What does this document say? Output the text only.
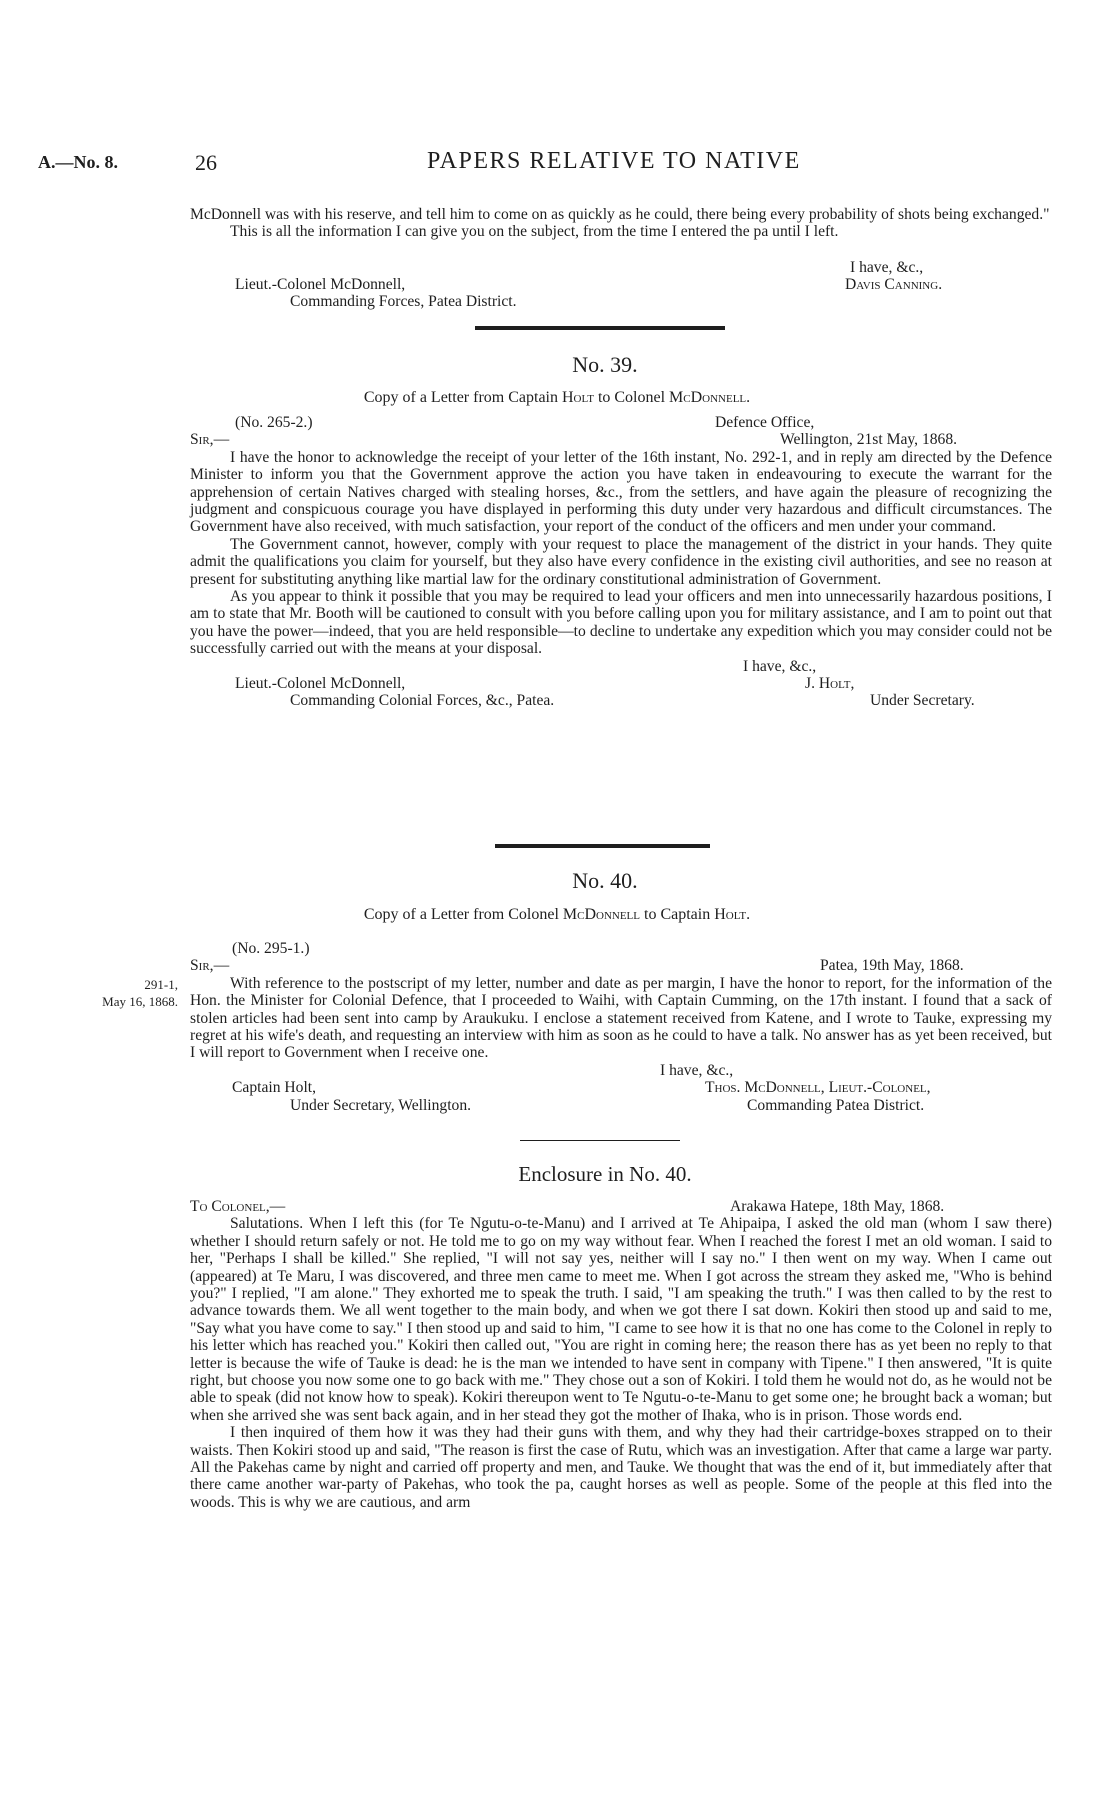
A.—No. 8.	26	PAPERS RELATIVE TO NATIVE

McDonnell was with his reserve, and tell him to come on as quickly as he could, there being every probability of shots being exchanged."

This is all the information I can give you on the subject, from the time I entered the pa until I left.

I have, &c.,
Lieut.-Colonel McDonnell,	Davis Canning.
Commanding Forces, Patea District.
No. 39.
Copy of a Letter from Captain Holt to Colonel McDonnell.
(No. 265-2.)	Defence Office,
Sir,—	Wellington, 21st May, 1868.

I have the honor to acknowledge the receipt of your letter of the 16th instant, No. 292-1, and in reply am directed by the Defence Minister to inform you that the Government approve the action you have taken in endeavouring to execute the warrant for the apprehension of certain Natives charged with stealing horses, &c., from the settlers, and have again the pleasure of recognizing the judgment and conspicuous courage you have displayed in performing this duty under very hazardous and difficult circumstances. The Government have also received, with much satisfaction, your report of the conduct of the officers and men under your command.

The Government cannot, however, comply with your request to place the management of the district in your hands. They quite admit the qualifications you claim for yourself, but they also have every confidence in the existing civil authorities, and see no reason at present for substituting anything like martial law for the ordinary constitutional administration of Government.

As you appear to think it possible that you may be required to lead your officers and men into unnecessarily hazardous positions, I am to state that Mr. Booth will be cautioned to consult with you before calling upon you for military assistance, and I am to point out that you have the power—indeed, that you are held responsible—to decline to undertake any expedition which you may consider could not be successfully carried out with the means at your disposal.

I have, &c.,
Lieut.-Colonel McDonnell,	J. Holt,
Commanding Colonial Forces, &c., Patea.	Under Secretary.
No. 40.
Copy of a Letter from Colonel McDonnell to Captain Holt.
291-1,
May 16, 1868.
(No. 295-1.)
Sir,—	Patea, 19th May, 1868.

With reference to the postscript of my letter, number and date as per margin, I have the honor to report, for the information of the Hon. the Minister for Colonial Defence, that I proceeded to Waihi, with Captain Cumming, on the 17th instant. I found that a sack of stolen articles had been sent into camp by Araukuku. I enclose a statement received from Katene, and I wrote to Tauke, expressing my regret at his wife's death, and requesting an interview with him as soon as he could to have a talk. No answer has as yet been received, but I will report to Government when I receive one.

I have, &c.,
Captain Holt,	Thos. McDonnell, Lieut.-Colonel,
Under Secretary, Wellington.	Commanding Patea District.
Enclosure in No. 40.
To Colonel,—	Arakawa Hatepe, 18th May, 1868.

Salutations. When I left this (for Te Ngutu-o-te-Manu) and I arrived at Te Ahipaipa, I asked the old man (whom I saw there) whether I should return safely or not. He told me to go on my way without fear. When I reached the forest I met an old woman. I said to her, "Perhaps I shall be killed." She replied, "I will not say yes, neither will I say no." I then went on my way. When I came out (appeared) at Te Maru, I was discovered, and three men came to meet me. When I got across the stream they asked me, "Who is behind you?" I replied, "I am alone." They exhorted me to speak the truth. I said, "I am speaking the truth." I was then called to by the rest to advance towards them. We all went together to the main body, and when we got there I sat down. Kokiri then stood up and said to me, "Say what you have come to say." I then stood up and said to him, "I came to see how it is that no one has come to the Colonel in reply to his letter which has reached you." Kokiri then called out, "You are right in coming here; the reason there has as yet been no reply to that letter is because the wife of Tauke is dead: he is the man we intended to have sent in company with Tipene." I then answered, "It is quite right, but choose you now some one to go back with me." They chose out a son of Kokiri. I told them he would not do, as he would not be able to speak (did not know how to speak). Kokiri thereupon went to Te Ngutu-o-te-Manu to get some one; he brought back a woman; but when she arrived she was sent back again, and in her stead they got the mother of Ihaka, who is in prison. Those words end.

I then inquired of them how it was they had their guns with them, and why they had their cartridge-boxes strapped on to their waists. Then Kokiri stood up and said, "The reason is first the case of Rutu, which was an investigation. After that came a large war party. All the Pakehas came by night and carried off property and men, and Tauke. We thought that was the end of it, but immediately after that there came another war-party of Pakehas, who took the pa, caught horses as well as people. Some of the people at this fled into the woods. This is why we are cautious, and arm
